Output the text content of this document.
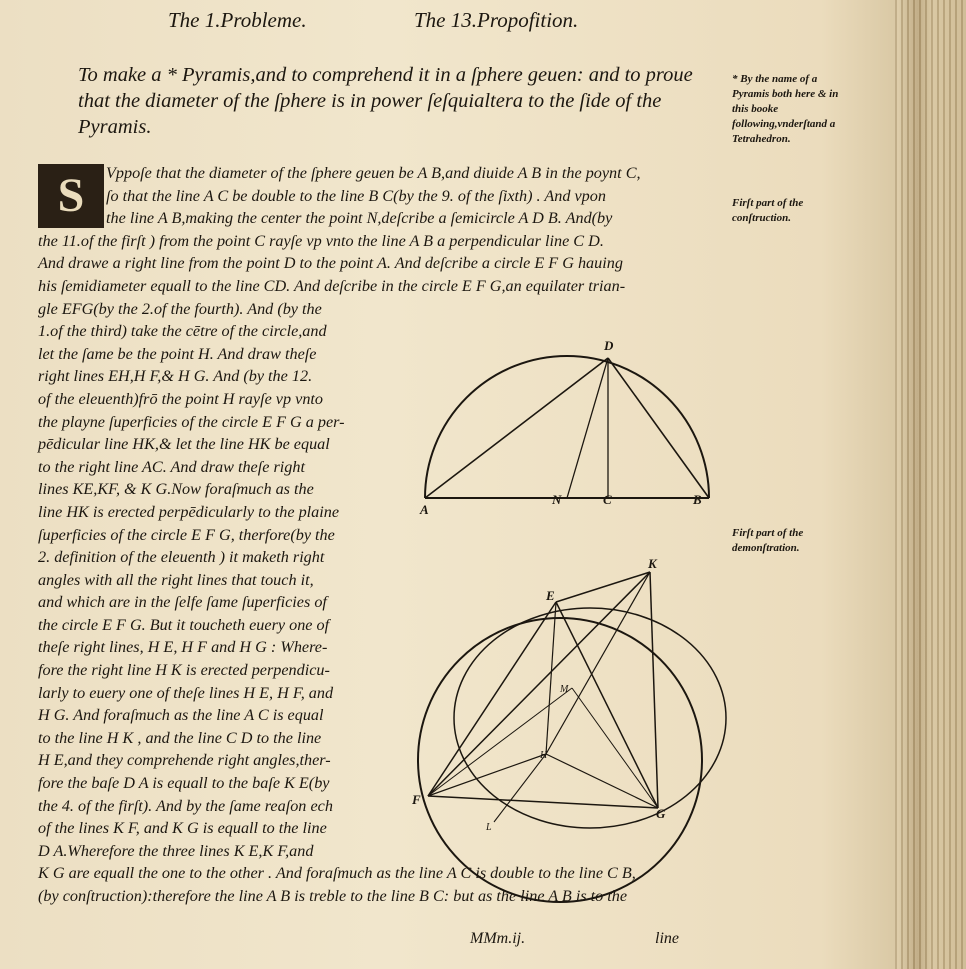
The 1.Probleme.	The 13.Propofition.
To make a * Pyramis,and to comprehend it in a ſphere geuen: and to proue
that the diameter of the ſphere is in power ſeſquialtera to the ſide of the
Pyramis.
S	Vppoſe that the diameter of the ſphere geuen be A B,and diuide A B in the poynt C,
ſo that the line A C be double to the line B C(by the 9. of the ſixth) . And vpon
the line A B,making the center the point N,deſcribe a ſemicircle A D B. And(by
the 11.of the firſt ) from the point C rayſe vp vnto the line A B a perpendicular line C D.
And drawe a right line from the point D to the point A. And deſcribe a circle E F G hauing
his ſemidiameter equall to the line CD. And deſcribe in the circle E F G,an equilater trian-
gle EFG(by the 2.of the fourth). And (by the
1.of the third) take the cētre of the circle,and
let the ſame be the point H. And draw theſe
right lines EH,H F,& H G. And (by the 12.
of the eleuenth)frō the point H rayſe vp vnto
the playne ſuperficies of the circle E F G a per-
pēdicular line HK,& let the line HK be equal
to the right line AC. And draw theſe right
lines KE,KF, & K G.Now foraſmuch as the
line HK is erected perpēdicularly to the plaine
ſuperficies of the circle E F G, therfore(by the
2. definition of the eleuenth ) it maketh right
angles with all the right lines that touch it,
and which are in the ſelfe ſame ſuperficies of
the circle E F G. But it toucheth euery one of
theſe right lines, H E, H F and H G : Where-
fore the right line H K is erected perpendicu-
larly to euery one of theſe lines H E, H F, and
H G. And foraſmuch as the line A C is equal
to the line H K , and the line C D to the line
H E,and they comprehende right angles,ther-
fore the baſe D A is equall to the baſe K E(by
the 4. of the firſt). And by the ſame reaſon ech
of the lines K F, and K G is equall to the line
D A.Wherefore the three lines K E,K F,and
K G are equall the one to the other . And foraſmuch as the line A C is double to the line C B,
(by conſtruction):therefore the line A B is treble to the line B C: but as the line A B is to the
* By the name of a Pyramis both here & in this booke following,vnderſtand a Tetrahedron.
Firſt part of the conſtruction.
Firſt part of the demonſtration.
D
A
N	C	B
K
E
M
H
F
G
L
MMm.ij.	line
